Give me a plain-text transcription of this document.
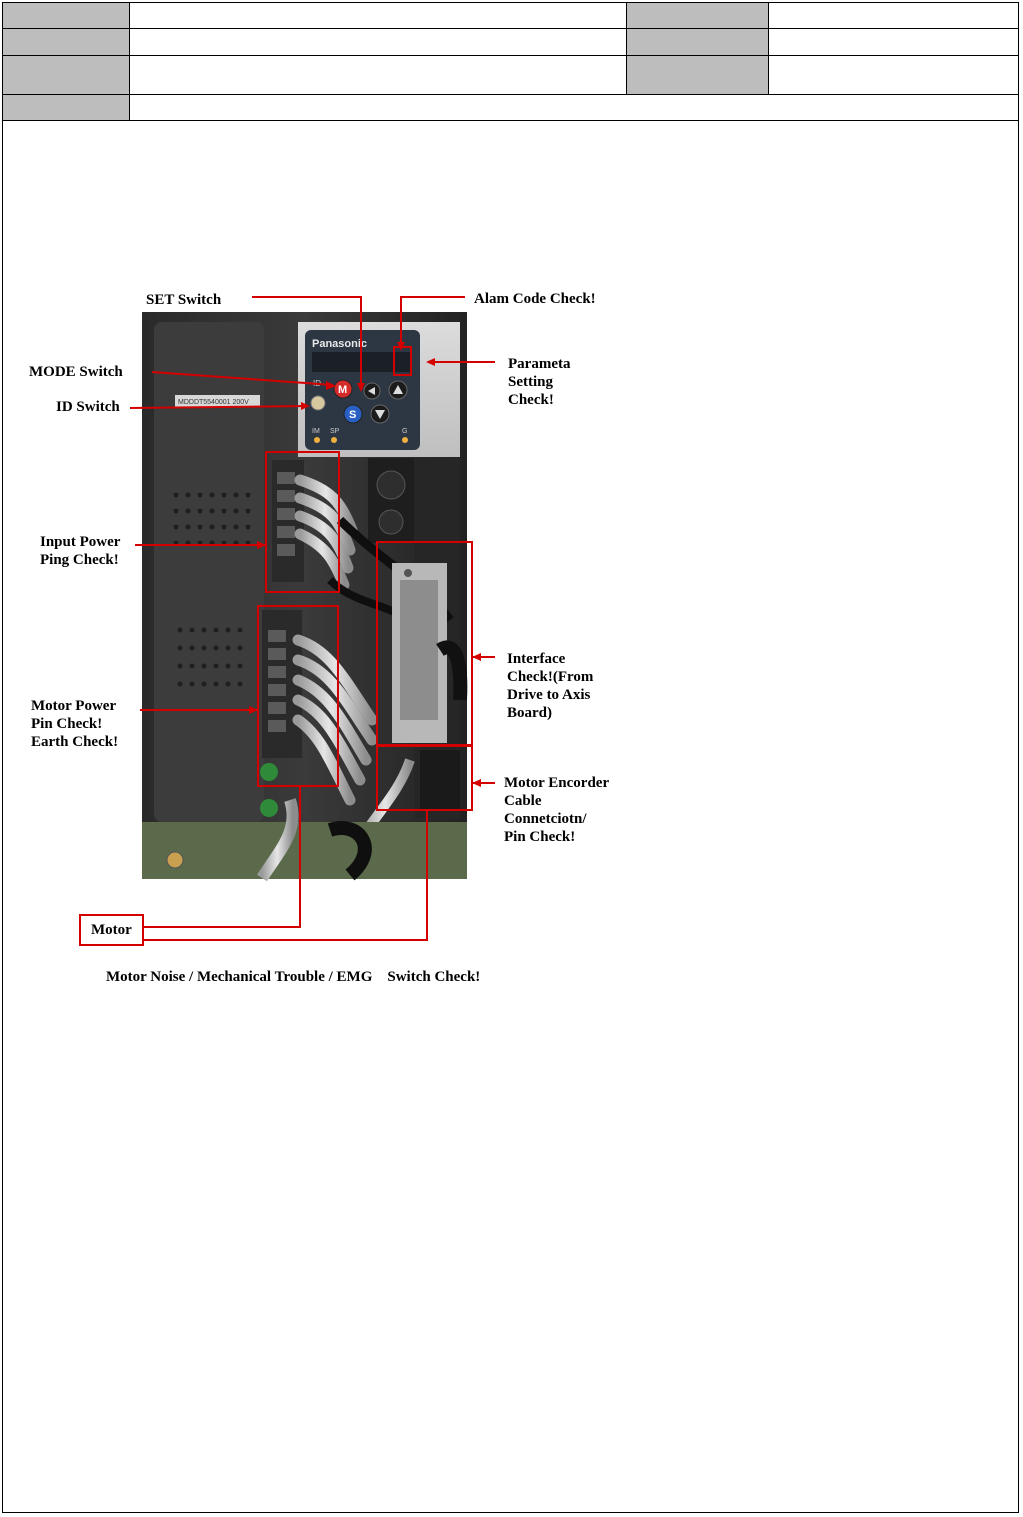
MDDDT5540001 200V
Panasonic
ID
M
S
IM SP	G
SET Switch	Alam Code Check!
MODE Switch
ID Switch
Parameta
Setting
Check!
Input Power
Ping Check!
Motor Power
Pin Check!
Earth Check!
Interface
Check!(From
Drive to Axis
Board)
Motor Encorder
Cable
Connetciotn/
Pin Check!
Motor
Motor Noise / Mechanical Trouble / EMG    Switch Check!
